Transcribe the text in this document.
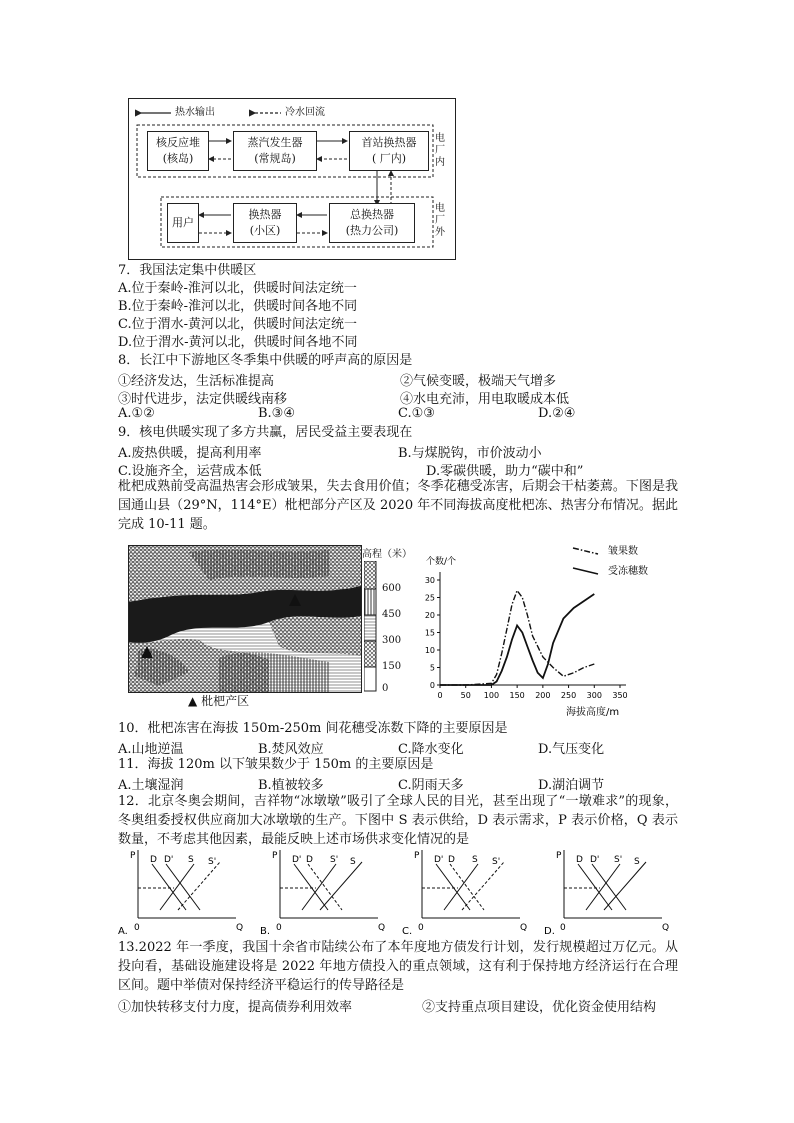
热水输出	冷水回流
核反应堆
(核岛)
蒸汽发生器
(常规岛)
首站换热器
( 厂内)
电厂内
用户
换热器
(小区)
总换热器
(热力公司)
电厂外
7．我国法定集中供暖区
A.位于秦岭-淮河以北，供暖时间法定统一
B.位于秦岭-淮河以北，供暖时间各地不同
C.位于渭水-黄河以北，供暖时间法定统一
D.位于渭水-黄河以北，供暖时间各地不同
8．长江中下游地区冬季集中供暖的呼声高的原因是
①经济发达，生活标准提高	②气候变暖，极端天气增多
③时代进步，法定供暖线南移	④水电充沛，用电取暖成本低
A.①②	B.③④	C.①③	D.②④
9．核电供暖实现了多方共赢，居民受益主要表现在
A.废热供暖，提高利用率	B.与煤脱钩，市价波动小
C.设施齐全，运营成本低	D.零碳供暖，助力“碳中和”
枇杷成熟前受高温热害会形成皱果，失去食用价值；冬季花穗受冻害，后期会干枯萎蔫。下图是我国通山县（29°N，114°E）枇杷部分产区及 2020 年不同海拔高度枇杷冻、热害分布情况。据此完成 10-11 题。
高程（米）
600
450
300
150
0
▲ 枇杷产区
个数/个
海拔高度/m
0 50 100 150 200 250 300 350
0
5
10
15
20
25
30
皱果数
受冻穗数
10．枇杷冻害在海拔 150m-250m 间花穗受冻数下降的主要原因是
A.山地逆温	B.焚风效应	C.降水变化	D.气压变化
11．海拔 120m 以下皱果数少于 150m 的主要原因是
A.土壤湿润	B.植被较多	C.阴雨天多	D.湖泊调节
12．北京冬奥会期间，吉祥物“冰墩墩”吸引了全球人民的目光，甚至出现了“一墩难求”的现象，冬奥组委授权供应商加大冰墩墩的生产。下图中 S 表示供给，D 表示需求，P 表示价格，Q 表示数量，不考虑其他因素，最能反映上述市场供求变化情况的是
P
Q
0
A.
D D' S S'
P
Q
0
B.
D' D S' S
P
Q
0
C.
D' D S S'
P
Q
0
D.
D D' S' S
13.2022 年一季度，我国十余省市陆续公布了本年度地方债发行计划，发行规模超过万亿元。从投向看，基础设施建设将是 2022 年地方债投入的重点领域，这有利于保持地方经济运行在合理区间。题中举债对保持经济平稳运行的传导路径是
①加快转移支付力度，提高债券利用效率	②支持重点项目建设，优化资金使用结构
